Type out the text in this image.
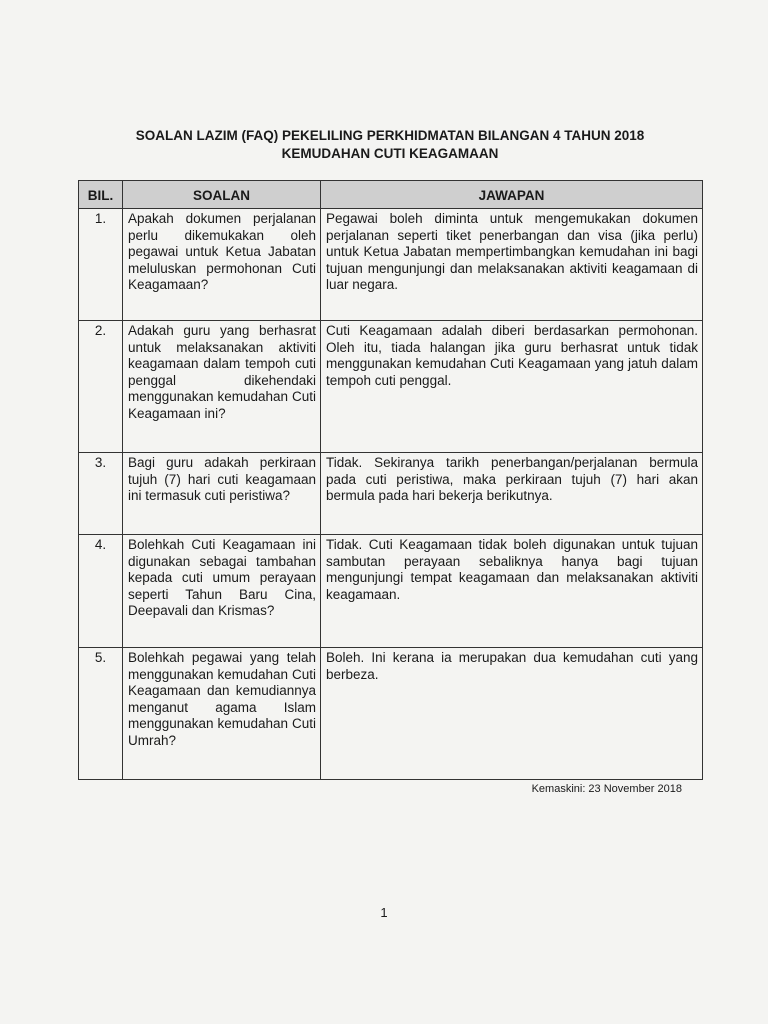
SOALAN LAZIM (FAQ) PEKELILING PERKHIDMATAN BILANGAN 4 TAHUN 2018
KEMUDAHAN CUTI KEAGAMAAN
BIL.	SOALAN	JAWAPAN
1.	Apakah dokumen perjalanan perlu dikemukakan oleh pegawai untuk Ketua Jabatan meluluskan permohonan Cuti Keagamaan?	Pegawai boleh diminta untuk mengemukakan dokumen perjalanan seperti tiket penerbangan dan visa (jika perlu) untuk Ketua Jabatan mempertimbangkan kemudahan ini bagi tujuan mengunjungi dan melaksanakan aktiviti keagamaan di luar negara.
2.	Adakah guru yang berhasrat untuk melaksanakan aktiviti keagamaan dalam tempoh cuti penggal dikehendaki menggunakan kemudahan Cuti Keagamaan ini?	Cuti Keagamaan adalah diberi berdasarkan permohonan. Oleh itu, tiada halangan jika guru berhasrat untuk tidak menggunakan kemudahan Cuti Keagamaan yang jatuh dalam tempoh cuti penggal.
3.	Bagi guru adakah perkiraan tujuh (7) hari cuti keagamaan ini termasuk cuti peristiwa?	Tidak. Sekiranya tarikh penerbangan/perjalanan bermula pada cuti peristiwa, maka perkiraan tujuh (7) hari akan bermula pada hari bekerja berikutnya.
4.	Bolehkah Cuti Keagamaan ini digunakan sebagai tambahan kepada cuti umum perayaan seperti Tahun Baru Cina, Deepavali dan Krismas?	Tidak. Cuti Keagamaan tidak boleh digunakan untuk tujuan sambutan perayaan sebaliknya hanya bagi tujuan mengunjungi tempat keagamaan dan melaksanakan aktiviti keagamaan.
5.	Bolehkah pegawai yang telah menggunakan kemudahan Cuti Keagamaan dan kemudiannya menganut agama Islam menggunakan kemudahan Cuti Umrah?	Boleh. Ini kerana ia merupakan dua kemudahan cuti yang berbeza.
Kemaskini: 23 November 2018
1
